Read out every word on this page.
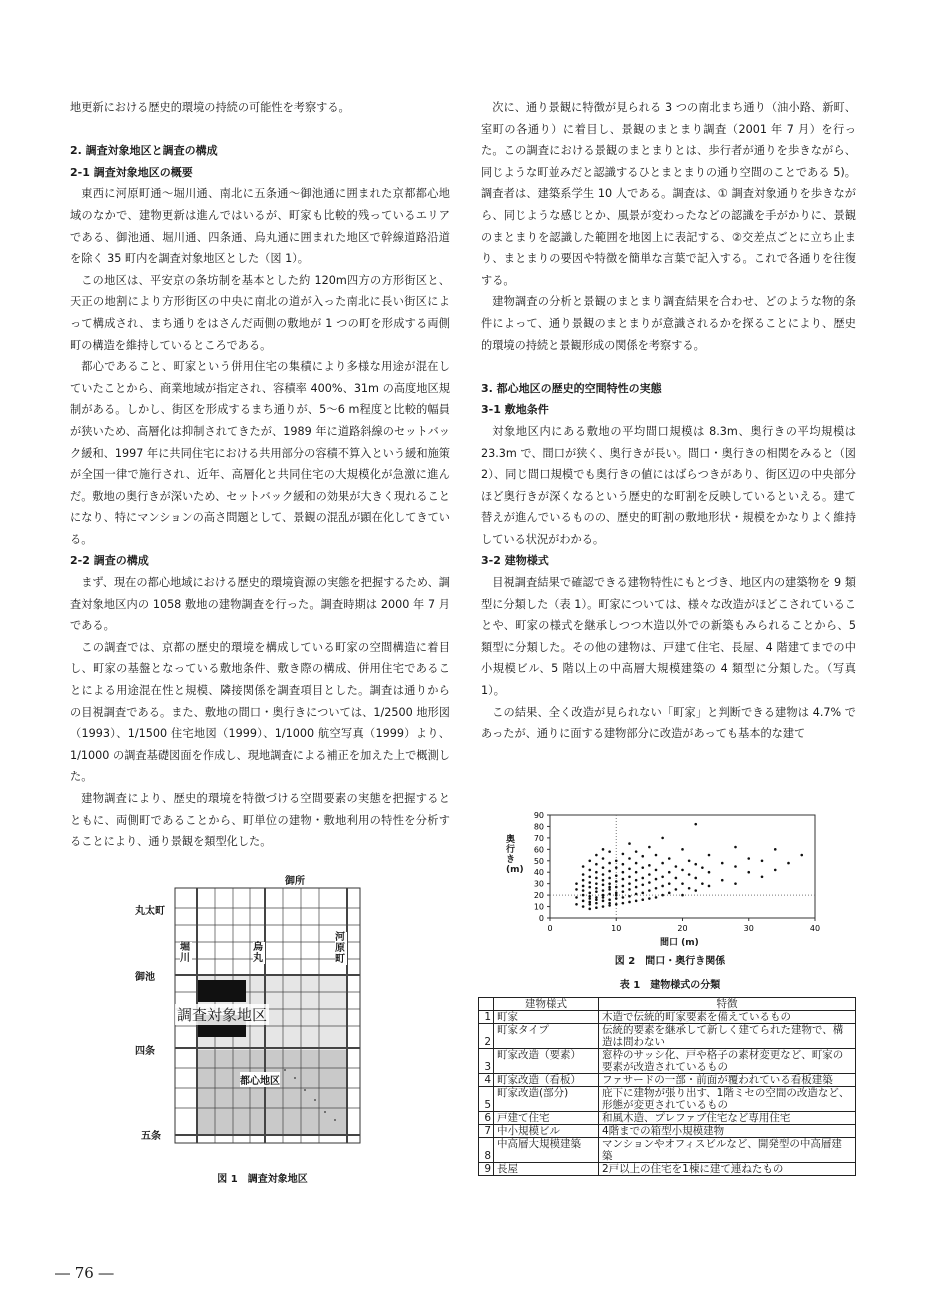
地更新における歴史的環境の持続の可能性を考察する。

2. 調査対象地区と調査の構成

2-1 調査対象地区の概要

東西に河原町通～堀川通、南北に五条通～御池通に囲まれた京都都心地域のなかで、建物更新は進んではいるが、町家も比較的残っているエリアである、御池通、堀川通、四条通、烏丸通に囲まれた地区で幹線道路沿道を除く 35 町内を調査対象地区とした（図 1）。

この地区は、平安京の条坊制を基本とした約 120m四方の方形街区と、天正の地割により方形街区の中央に南北の道が入った南北に長い街区によって構成され、まち通りをはさんだ両側の敷地が 1 つの町を形成する両側町の構造を維持しているところである。

都心であること、町家という併用住宅の集積により多様な用途が混在していたことから、商業地域が指定され、容積率 400%、31m の高度地区規制がある。しかし、街区を形成するまち通りが、5～6 m程度と比較的幅員が狭いため、高層化は抑制されてきたが、1989 年に道路斜線のセットバック緩和、1997 年に共同住宅における共用部分の容積不算入という緩和施策が全国一律で施行され、近年、高層化と共同住宅の大規模化が急激に進んだ。敷地の奥行きが深いため、セットバック緩和の効果が大きく現れることになり、特にマンションの高さ問題として、景観の混乱が顕在化してきている。

2-2 調査の構成

まず、現在の都心地域における歴史的環境資源の実態を把握するため、調査対象地区内の 1058 敷地の建物調査を行った。調査時期は 2000 年 7 月である。

この調査では、京都の歴史的環境を構成している町家の空間構造に着目し、町家の基盤となっている敷地条件、敷き際の構成、併用住宅であることによる用途混在性と規模、隣接関係を調査項目とした。調査は通りからの目視調査である。また、敷地の間口・奥行きについては、1/2500 地形図（1993）、1/1500 住宅地図（1999）、1/1000 航空写真（1999）より、1/1000 の調査基礎図面を作成し、現地調査による補正を加えた上で概測した。

建物調査により、歴史的環境を特徴づける空間要素の実態を把握するとともに、両側町であることから、町単位の建物・敷地利用の特性を分析することにより、通り景観を類型化した。

次に、通り景観に特徴が見られる 3 つの南北まち通り（油小路、新町、室町の各通り）に着目し、景観のまとまり調査（2001 年 7 月）を行った。この調査における景観のまとまりとは、歩行者が通りを歩きながら、同じような町並みだと認識するひとまとまりの通り空間のことである 5)。調査者は、建築系学生 10 人である。調査は、① 調査対象通りを歩きながら、同じような感じとか、風景が変わったなどの認識を手がかりに、景観のまとまりを認識した範囲を地図上に表記する、②交差点ごとに立ち止まり、まとまりの要因や特徴を簡単な言葉で記入する。これで各通りを往復する。

建物調査の分析と景観のまとまり調査結果を合わせ、どのような物的条件によって、通り景観のまとまりが意識されるかを探ることにより、歴史的環境の持続と景観形成の関係を考察する。

3. 都心地区の歴史的空間特性の実態

3-1 敷地条件

対象地区内にある敷地の平均間口規模は 8.3m、奥行きの平均規模は 23.3m で、間口が狭く、奥行きが長い。間口・奥行きの相関をみると（図 2）、同じ間口規模でも奥行きの値にはばらつきがあり、街区辺の中央部分ほど奥行きが深くなるという歴史的な町割を反映しているといえる。建て替えが進んでいるものの、歴史的町割の敷地形状・規模をかなりよく維持している状況がわかる。

3-2 建物様式

目視調査結果で確認できる建物特性にもとづき、地区内の建築物を 9 類型に分類した（表 1）。町家については、様々な改造がほどこされていることや、町家の様式を継承しつつ木造以外での新築もみられることから、5 類型に分類した。その他の建物は、戸建て住宅、長屋、4 階建てまでの中小規模ビル、5 階以上の中高層大規模建築の 4 類型に分類した。（写真 1）。

この結果、全く改造が見られない「町家」と判断できる建物は 4.7% であったが、通りに面する建物部分に改造があっても基本的な建て

御所
丸太町
御池
四条
五条
堀川
烏丸
河原町
調査対象地区
都心地区
図 1　調査対象地区
0
10
20
30
40
50
60
70
80
90
0	10	20	30	40
奥行き (m)
間口 (m)
図 2　間口・奥行き関係
表 1　建物様式の分類
	建物様式	特徴
1	町家	木造で伝統的町家要素を備えているもの
2	町家タイプ	伝統的要素を継承して新しく建てられた建物で、構造は問わない
3	町家改造（要素）	窓枠のサッシ化、戸や格子の素材変更など、町家の要素が改造されているもの
4	町家改造（看板）	ファサードの一部・前面が覆われている看板建築
5	町家改造(部分)	庇下に建物が張り出す、1階ミセの空間の改造など、形態が変更されているもの
6	戸建て住宅	和風木造、プレファブ住宅など専用住宅
7	中小規模ビル	4階までの箱型小規模建物
8	中高層大規模建築	マンションやオフィスビルなど、開発型の中高層建築
9	長屋	2戸以上の住宅を1棟に建て連ねたもの
― 76 ―
